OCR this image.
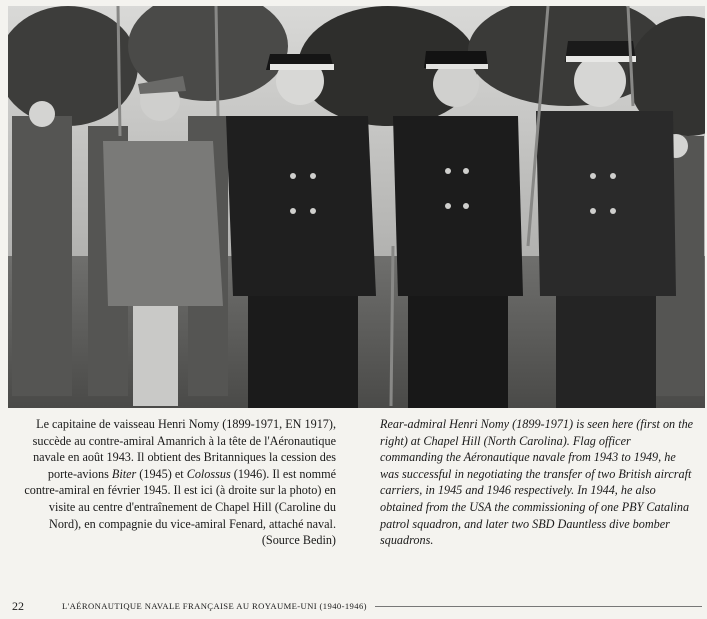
Le capitaine de vaisseau Henri Nomy (1899-1971, EN 1917), succède au contre-amiral Amanrich à la tête de l'Aéronautique navale en août 1943. Il obtient des Britanniques la cession des porte-avions Biter (1945) et Colossus (1946). Il est nommé contre-amiral en février 1945. Il est ici (à droite sur la photo) en visite au centre d'entraînement de Chapel Hill (Caroline du Nord), en compagnie du vice-amiral Fenard, attaché naval.

(Source Bedin)

Rear-admiral Henri Nomy (1899-1971) is seen here (first on the right) at Chapel Hill (North Carolina). Flag officer commanding the Aéronautique navale from 1943 to 1949, he was successful in negotiating the transfer of two British aircraft carriers, in 1945 and 1946 respectively. In 1944, he also obtained from the USA the commissioning of one PBY Catalina patrol squadron, and later two SBD Dauntless dive bomber squadrons.

22	L'AÉRONAUTIQUE NAVALE FRANÇAISE AU ROYAUME-UNI (1940-1946)
